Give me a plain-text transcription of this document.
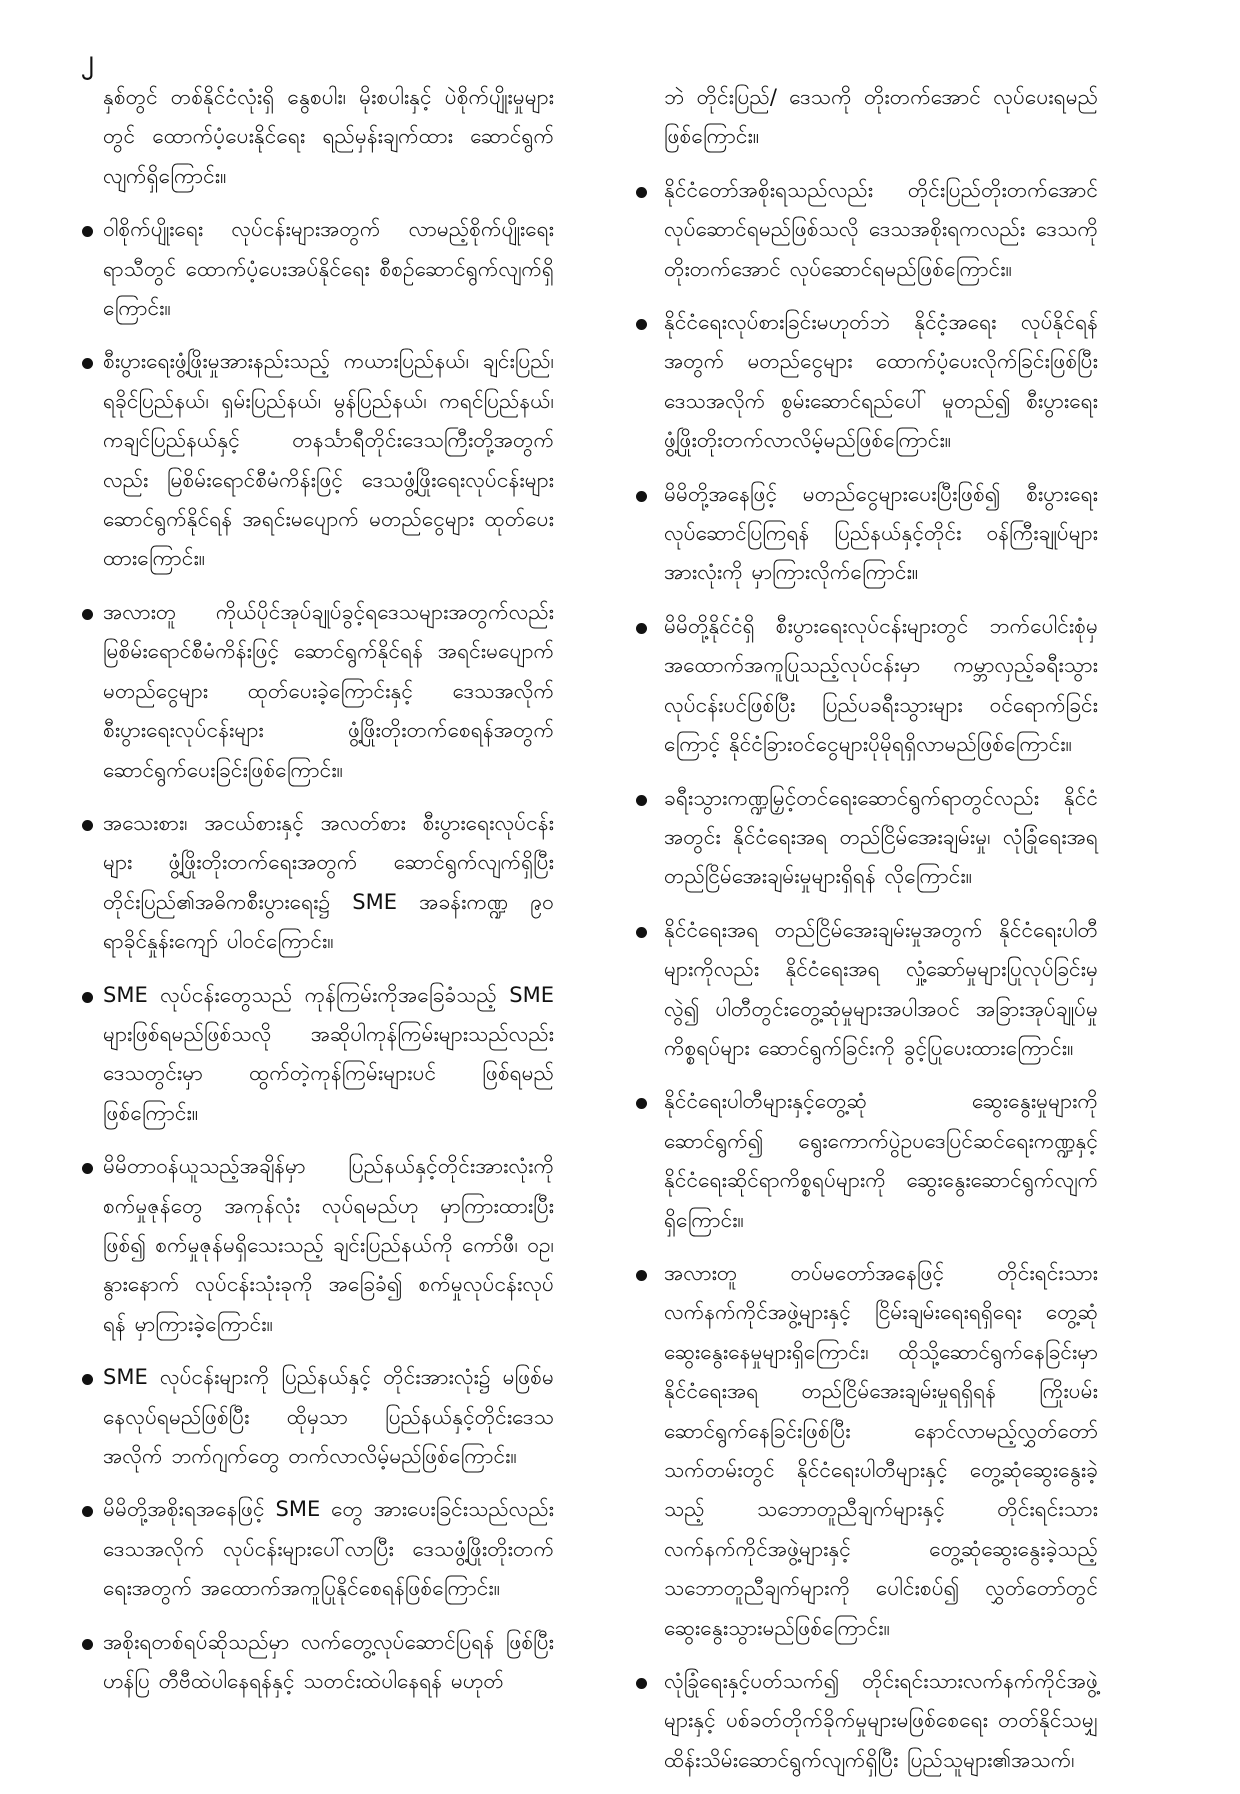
၂

နှစ်တွင် တစ်နိုင်ငံလုံးရှိ နွေစပါး၊ မိုးစပါးနှင့် ပဲစိုက်ပျိုးမှုများတွင် ထောက်ပံ့ပေးနိုင်ရေး ရည်မှန်းချက်ထား ဆောင်ရွက်လျက်ရှိကြောင်း။

ဝါစိုက်ပျိုးရေး လုပ်ငန်းများအတွက် လာမည့်စိုက်ပျိုးရေးရာသီတွင် ထောက်ပံ့ပေးအပ်နိုင်ရေး စီစဉ်ဆောင်ရွက်လျက်ရှိကြောင်း။

စီးပွားရေးဖွံ့ဖြိုးမှုအားနည်းသည့် ကယားပြည်နယ်၊ ချင်းပြည်၊ ရခိုင်ပြည်နယ်၊ ရှမ်းပြည်နယ်၊ မွန်ပြည်နယ်၊ ကရင်ပြည်နယ်၊ ကချင်ပြည်နယ်နှင့် တနင်္သာရီတိုင်းဒေသကြီးတို့အတွက်လည်း မြစိမ်းရောင်စီမံကိန်းဖြင့် ဒေသဖွံ့ဖြိုးရေးလုပ်ငန်းများ ဆောင်ရွက်နိုင်ရန် အရင်းမပျောက် မတည်ငွေများ ထုတ်ပေးထားကြောင်း။

အလားတူ ကိုယ်ပိုင်အုပ်ချုပ်ခွင့်ရဒေသများအတွက်လည်း မြစိမ်းရောင်စီမံကိန်းဖြင့် ဆောင်ရွက်နိုင်ရန် အရင်းမပျောက် မတည်ငွေများ ထုတ်ပေးခဲ့ကြောင်းနှင့် ဒေသအလိုက် စီးပွားရေးလုပ်ငန်းများ ဖွံ့ဖြိုးတိုးတက်စေရန်အတွက် ဆောင်ရွက်ပေးခြင်းဖြစ်ကြောင်း။

အသေးစား၊ အငယ်စားနှင့် အလတ်စား စီးပွားရေးလုပ်ငန်းများ ဖွံ့ဖြိုးတိုးတက်ရေးအတွက် ဆောင်ရွက်လျက်ရှိပြီး တိုင်းပြည်၏အဓိကစီးပွားရေး၌ SME အခန်းကဏ္ဍ ၉၀ ရာခိုင်နှုန်းကျော် ပါဝင်ကြောင်း။

SME လုပ်ငန်းတွေသည် ကုန်ကြမ်းကိုအခြေခံသည့် SME များဖြစ်ရမည်ဖြစ်သလို အဆိုပါကုန်ကြမ်းများသည်လည်း ဒေသတွင်းမှာ ထွက်တဲ့ကုန်ကြမ်းများပင် ဖြစ်ရမည်ဖြစ်ကြောင်း။

မိမိတာဝန်ယူသည့်အချိန်မှာ ပြည်နယ်နှင့်တိုင်းအားလုံးကို စက်မှုဇုန်တွေ အကုန်လုံး လုပ်ရမည်ဟု မှာကြားထားပြီးဖြစ်၍ စက်မှုဇုန်မရှိသေးသည့် ချင်းပြည်နယ်ကို ကော်ဖီ၊ ဝဥ၊ နွားနောက် လုပ်ငန်းသုံးခုကို အခြေခံ၍ စက်မှုလုပ်ငန်းလုပ်ရန် မှာကြားခဲ့ကြောင်း။

SME လုပ်ငန်းများကို ပြည်နယ်နှင့် တိုင်းအားလုံး၌ မဖြစ်မနေလုပ်ရမည်ဖြစ်ပြီး ထိုမှသာ ပြည်နယ်နှင့်တိုင်းဒေသအလိုက် ဘက်ဂျက်တွေ တက်လာလိမ့်မည်ဖြစ်ကြောင်း။

မိမိတို့အစိုးရအနေဖြင့် SME တွေ အားပေးခြင်းသည်လည်း ဒေသအလိုက် လုပ်ငန်းများပေါ်လာပြီး ဒေသဖွံ့ဖြိုးတိုးတက်ရေးအတွက် အထောက်အကူပြုနိုင်စေရန်ဖြစ်ကြောင်း။

အစိုးရတစ်ရပ်ဆိုသည်မှာ လက်တွေ့လုပ်ဆောင်ပြရန် ဖြစ်ပြီး ဟန်ပြ တီဗီထဲပါနေရန်နှင့် သတင်းထဲပါနေရန် မဟုတ်

ဘဲ တိုင်းပြည်/ ဒေသကို တိုးတက်အောင် လုပ်ပေးရမည်ဖြစ်ကြောင်း။

နိုင်ငံတော်အစိုးရသည်လည်း တိုင်းပြည်တိုးတက်အောင်လုပ်ဆောင်ရမည်ဖြစ်သလို ဒေသအစိုးရကလည်း ဒေသကို တိုးတက်အောင် လုပ်ဆောင်ရမည်ဖြစ်ကြောင်း။

နိုင်ငံရေးလုပ်စားခြင်းမဟုတ်ဘဲ နိုင်ငံ့အရေး လုပ်နိုင်ရန်အတွက် မတည်ငွေများ ထောက်ပံ့ပေးလိုက်ခြင်းဖြစ်ပြီး ဒေသအလိုက် စွမ်းဆောင်ရည်ပေါ် မူတည်၍ စီးပွားရေးဖွံ့ဖြိုးတိုးတက်လာလိမ့်မည်ဖြစ်ကြောင်း။

မိမိတို့အနေဖြင့် မတည်ငွေများပေးပြီးဖြစ်၍ စီးပွားရေးလုပ်ဆောင်ပြကြရန် ပြည်နယ်နှင့်တိုင်း ဝန်ကြီးချုပ်များ အားလုံးကို မှာကြားလိုက်ကြောင်း။

မိမိတို့နိုင်ငံရှိ စီးပွားရေးလုပ်ငန်းများတွင် ဘက်ပေါင်းစုံမှ အထောက်အကူပြုသည့်လုပ်ငန်းမှာ ကမ္ဘာလှည့်ခရီးသွားလုပ်ငန်းပင်ဖြစ်ပြီး ပြည်ပခရီးသွားများ ဝင်ရောက်ခြင်းကြောင့် နိုင်ငံခြားဝင်ငွေများပိုမိုရရှိလာမည်ဖြစ်ကြောင်း။

ခရီးသွားကဏ္ဍမြှင့်တင်ရေးဆောင်ရွက်ရာတွင်လည်း နိုင်ငံအတွင်း နိုင်ငံရေးအရ တည်ငြိမ်အေးချမ်းမှု၊ လုံခြုံရေးအရ တည်ငြိမ်အေးချမ်းမှုများရှိရန် လိုကြောင်း။

နိုင်ငံရေးအရ တည်ငြိမ်အေးချမ်းမှုအတွက် နိုင်ငံရေးပါတီများကိုလည်း နိုင်ငံရေးအရ လှုံ့ဆော်မှုများပြုလုပ်ခြင်းမှ လွဲ၍ ပါတီတွင်းတွေ့ဆုံမှုများအပါအဝင် အခြားအုပ်ချုပ်မှုကိစ္စရပ်များ ဆောင်ရွက်ခြင်းကို ခွင့်ပြုပေးထားကြောင်း။

နိုင်ငံရေးပါတီများနှင့်တွေ့ဆုံ ဆွေးနွေးမှုများကိုဆောင်ရွက်၍ ရွေးကောက်ပွဲဥပဒေပြင်ဆင်ရေးကဏ္ဍနှင့် နိုင်ငံရေးဆိုင်ရာကိစ္စရပ်များကို ဆွေးနွေးဆောင်ရွက်လျက်ရှိကြောင်း။

အလားတူ တပ်မတော်အနေဖြင့် တိုင်းရင်းသားလက်နက်ကိုင်အဖွဲ့များနှင့် ငြိမ်းချမ်းရေးရရှိရေး တွေ့ဆုံဆွေးနွေးနေမှုများရှိကြောင်း၊ ထိုသို့ဆောင်ရွက်နေခြင်းမှာ နိုင်ငံရေးအရ တည်ငြိမ်အေးချမ်းမှုရရှိရန် ကြိုးပမ်းဆောင်ရွက်နေခြင်းဖြစ်ပြီး နောင်လာမည့်လွှတ်တော်သက်တမ်းတွင် နိုင်ငံရေးပါတီများနှင့် တွေ့ဆုံဆွေးနွေးခဲ့သည့် သဘောတူညီချက်များနှင့် တိုင်းရင်းသားလက်နက်ကိုင်အဖွဲ့များနှင့် တွေ့ဆုံဆွေးနွေးခဲ့သည့် သဘောတူညီချက်များကို ပေါင်းစပ်၍ လွှတ်တော်တွင် ဆွေးနွေးသွားမည်ဖြစ်ကြောင်း။

လုံခြုံရေးနှင့်ပတ်သက်၍ တိုင်းရင်းသားလက်နက်ကိုင်အဖွဲ့များနှင့် ပစ်ခတ်တိုက်ခိုက်မှုများမဖြစ်စေရေး တတ်နိုင်သမျှ ထိန်းသိမ်းဆောင်ရွက်လျက်ရှိပြီး ပြည်သူများ၏အသက်၊
